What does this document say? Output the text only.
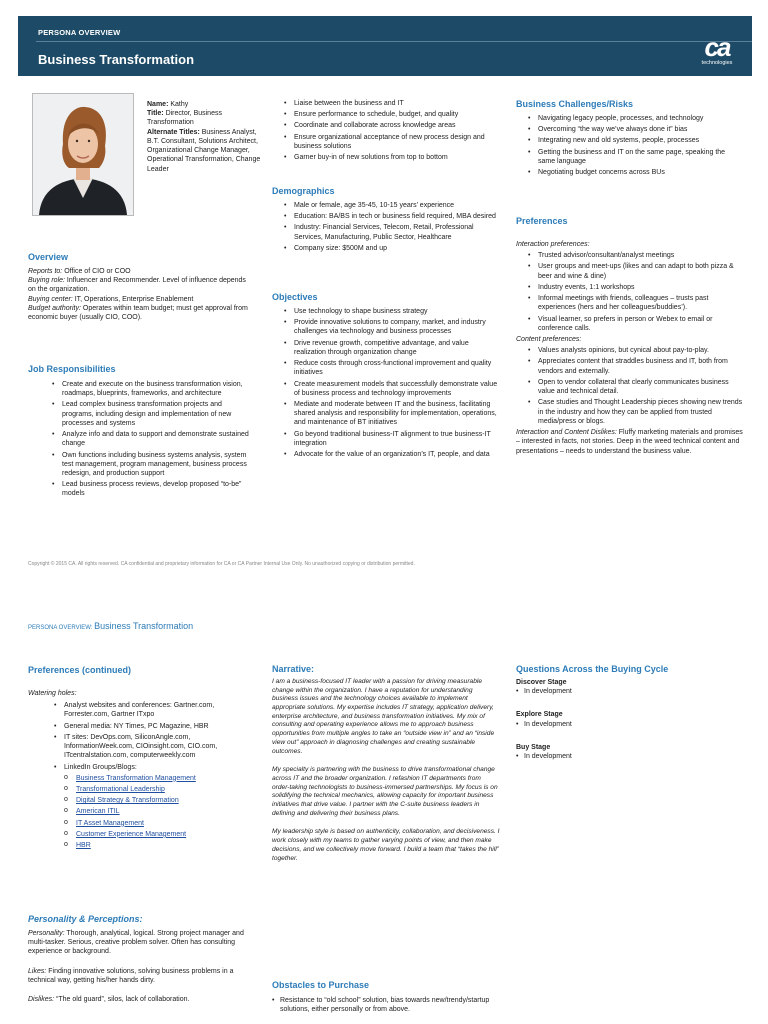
PERSONA OVERVIEW
Business Transformation	ca
technologies
Name: Kathy
Title: Director, Business Transformation
Alternate Titles: Business Analyst, B.T. Consultant, Solutions Architect, Organizational Change Manager, Operational Transformation, Change Leader
Overview
Reports to: Office of CIO or COO
Buying role: Influencer and Recommender. Level of influence depends on the organization.
Buying center: IT, Operations, Enterprise Enablement
Budget authority: Operates within team budget; must get approval from economic buyer (usually CIO, COO).
Job Responsibilities
• Create and execute on the business transformation vision, roadmaps, blueprints, frameworks, and architecture
• Lead complex business transformation projects and programs, including design and implementation of new processes and systems
• Analyze info and data to support and demonstrate sustained change
• Own functions including business systems analysis, system test management, program management, business process redesign, and production support
• Lead business process reviews, develop proposed “to-be” models
• Liaise between the business and IT
• Ensure performance to schedule, budget, and quality
• Coordinate and collaborate across knowledge areas
• Ensure organizational acceptance of new process design and business solutions
• Garner buy-in of new solutions from top to bottom
Demographics
• Male or female, age 35-45, 10-15 years’ experience
• Education: BA/BS in tech or business field required, MBA desired
• Industry: Financial Services, Telecom, Retail, Professional Services, Manufacturing, Public Sector, Healthcare
• Company size: $500M and up
Objectives
• Use technology to shape business strategy
• Provide innovative solutions to company, market, and industry challenges via technology and business processes
• Drive revenue growth, competitive advantage, and value realization through organization change
• Reduce costs through cross-functional improvement and quality initiatives
• Create measurement models that successfully demonstrate value of business process and technology improvements
• Mediate and moderate between IT and the business, facilitating shared analysis and responsibility for implementation, operations, and maintenance of BT initiatives
• Go beyond traditional business-IT alignment to true business-IT integration
• Advocate for the value of an organization’s IT, people, and data
Business Challenges/Risks
• Navigating legacy people, processes, and technology
• Overcoming “the way we’ve always done it” bias
• Integrating new and old systems, people, processes
• Getting the business and IT on the same page, speaking the same language
• Negotiating budget concerns across BUs
Preferences
Interaction preferences:
• Trusted advisor/consultant/analyst meetings
• User groups and meet-ups (likes and can adapt to both pizza & beer and wine & dine)
• Industry events, 1:1 workshops
• Informal meetings with friends, colleagues – trusts past experiences (hers and her colleagues/buddies’).
• Visual learner, so prefers in person or Webex to email or conference calls.
Content preferences:
• Values analysts opinions, but cynical about pay-to-play.
• Appreciates content that straddles business and IT, both from vendors and externally.
• Open to vendor collateral that clearly communicates business value and technical detail.
• Case studies and Thought Leadership pieces showing new trends in the industry and how they can be applied from trusted media/press or blogs.
Interaction and Content Dislikes: Fluffy marketing materials and promises – interested in facts, not stories. Deep in the weed technical content and presentations – needs to understand the business value.
Copyright © 2015 CA. All rights reserved. CA confidential and proprietary information for CA or CA Partner Internal Use Only. No unauthorized copying or distribution permitted.
PERSONA OVERVIEW: Business Transformation
Preferences (continued)
Watering holes:
• Analyst websites and conferences: Gartner.com, Forrester.com, Gartner ITxpo
• General media: NY Times, PC Magazine, HBR
• IT sites: DevOps.com, SiliconAngle.com, InformationWeek.com, CIOinsight.com, CIO.com, ITcentralstation.com, computerweekly.com
• LinkedIn Groups/Blogs:
o Business Transformation Management
o Transformational Leadership
o Digital Strategy & Transformation
o American ITIL
o IT Asset Management
o Customer Experience Management
o HBR
Personality & Perceptions:
Personality: Thorough, analytical, logical. Strong project manager and multi-tasker. Serious, creative problem solver. Often has consulting experience or background.
Likes: Finding innovative solutions, solving business problems in a technical way, getting his/her hands dirty.
Dislikes: “The old guard”, silos, lack of collaboration.
Narrative:

I am a business-focused IT leader with a passion for driving measurable change within the organization. I have a reputation for understanding business issues and the technology choices available to implement appropriate solutions. My expertise includes IT strategy, application delivery, enterprise architecture, and business transformation initiatives. My mix of consulting and operating experience allows me to approach business opportunities from multiple angles to take an “outside view in” and an “inside view out” approach in diagnosing challenges and creating sustainable outcomes.

My specialty is partnering with the business to drive transformational change across IT and the broader organization. I refashion IT departments from order-taking technologists to business-immersed partnerships. My focus is on solidifying the technical mechanics, allowing capacity for important business initiatives that drive value. I partner with the C-suite business leaders in defining and delivering their business plans.

My leadership style is based on authenticity, collaboration, and decisiveness. I work closely with my teams to gather varying points of view, and then make decisions, and we collectively move forward. I build a team that “takes the hill” together.

Obstacles to Purchase
• Resistance to “old school” solution, bias towards new/trendy/startup solutions, either personally or from above.
Questions Across the Buying Cycle
Discover Stage
• In development
Explore Stage
• In development
Buy Stage
• In development
